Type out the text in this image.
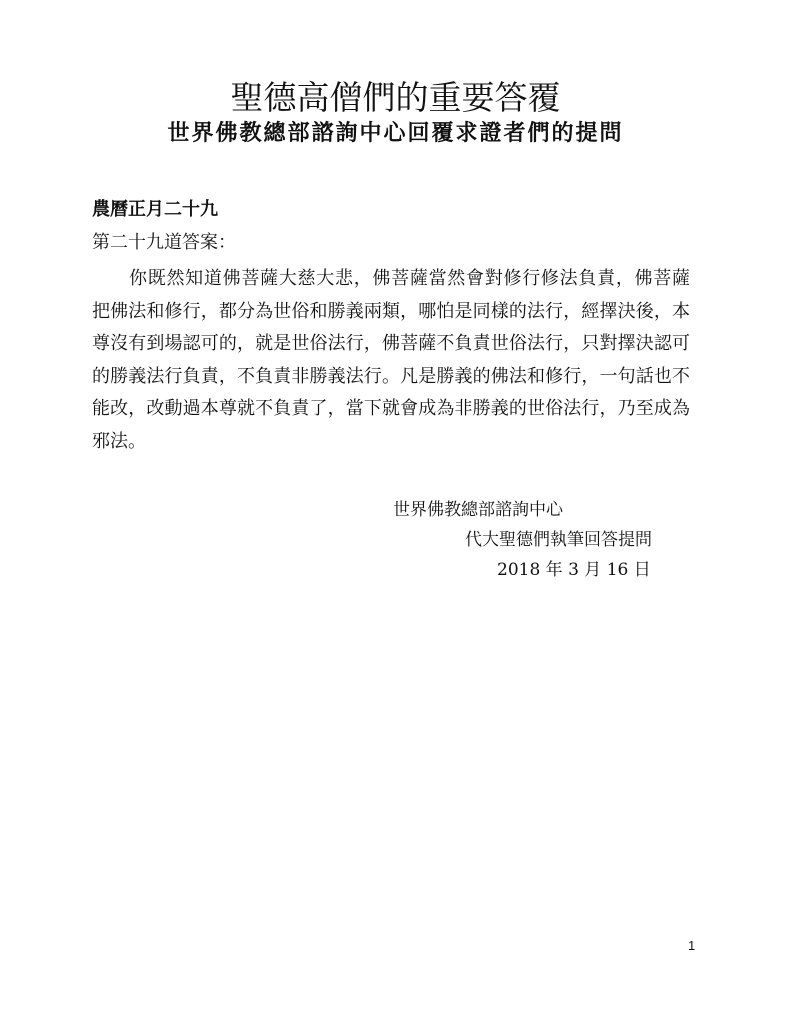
聖德高僧們的重要答覆
世界佛教總部諮詢中心回覆求證者們的提問

農曆正月二十九

第二十九道答案：

你既然知道佛菩薩大慈大悲，佛菩薩當然會對修行修法負責，佛菩薩
把佛法和修行，都分為世俗和勝義兩類，哪怕是同樣的法行，經擇決後，本
尊沒有到場認可的，就是世俗法行，佛菩薩不負責世俗法行，只對擇決認可
的勝義法行負責，不負責非勝義法行。凡是勝義的佛法和修行，一句話也不
能改，改動過本尊就不負責了，當下就會成為非勝義的世俗法行，乃至成為
邪法。

世界佛教總部諮詢中心
代大聖德們執筆回答提問
2018 年 3 月 16 日
1
